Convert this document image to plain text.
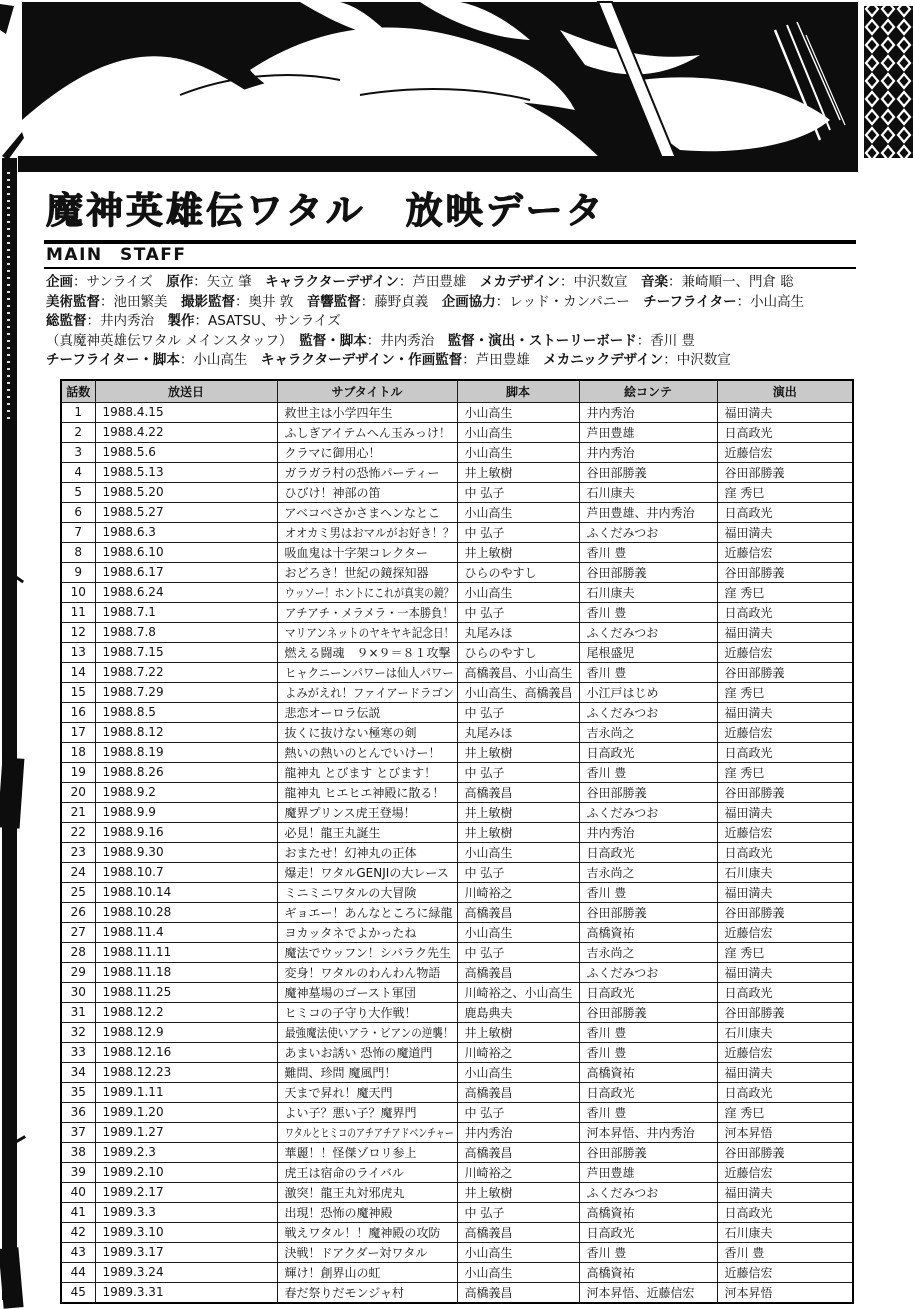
魔神英雄伝ワタル　放映データ
MAIN STAFF
企画：サンライズ　 原作：矢立 肇　 キャラクターデザイン：芦田豊雄　 メカデザイン：中沢数宣　 音楽：兼崎順一、門倉 聡
美術監督：池田繁美　 撮影監督：奥井 敦　 音響監督：藤野貞義　 企画協力：レッド・カンパニー　 チーフライター：小山高生
総監督：井内秀治　 製作：ASATSU、サンライズ
（真魔神英雄伝ワタル メインスタッフ）　 監督・脚本：井内秀治　 監督・演出・ストーリーボード：香川 豊
チーフライター・脚本：小山高生　 キャラクターデザイン・作画監督：芦田豊雄　 メカニックデザイン：中沢数宣
話数	放送日	サブタイトル	脚本	絵コンテ	演出
1	1988.4.15	救世主は小学四年生	小山高生	井内秀治	福田満夫
2	1988.4.22	ふしぎアイテムへん玉みっけ！	小山高生	芦田豊雄	日高政光
3	1988.5.6	クラマに御用心！	小山高生	井内秀治	近藤信宏
4	1988.5.13	ガラガラ村の恐怖パーティー	井上敏樹	谷田部勝義	谷田部勝義
5	1988.5.20	ひびけ！神部の笛	中 弘子	石川康夫	窪 秀巳
6	1988.5.27	アベコベさかさまヘンなとこ	小山高生	芦田豊雄、井内秀治	日高政光
7	1988.6.3	オオカミ男はおマルがお好き！？	中 弘子	ふくだみつお	福田満夫
8	1988.6.10	吸血鬼は十字架コレクター	井上敏樹	香川 豊	近藤信宏
9	1988.6.17	おどろき！世紀の鏡探知器	ひらのやすし	谷田部勝義	谷田部勝義
10	1988.6.24	ウッソー！ホントにこれが真実の鏡？	小山高生	石川康夫	窪 秀巳
11	1988.7.1	アチアチ・メラメラ・一本勝負！	中 弘子	香川 豊	日高政光
12	1988.7.8	マリアンネットのヤキヤキ記念日！	丸尾みほ	ふくだみつお	福田満夫
13	1988.7.15	燃える闘魂　９×９＝８１攻撃	ひらのやすし	尾根盛児	近藤信宏
14	1988.7.22	ヒャクニーンパワーは仙人パワー	高橋義昌、小山高生	香川 豊	谷田部勝義
15	1988.7.29	よみがえれ！ファイアードラゴン	小山高生、高橋義昌	小江戸はじめ	窪 秀巳
16	1988.8.5	悲恋オーロラ伝説	中 弘子	ふくだみつお	福田満夫
17	1988.8.12	抜くに抜けない極寒の剣	丸尾みほ	吉永尚之	近藤信宏
18	1988.8.19	熱いの熱いのとんでいけー！	井上敏樹	日高政光	日高政光
19	1988.8.26	龍神丸 とびます とびます！	中 弘子	香川 豊	窪 秀巳
20	1988.9.2	龍神丸 ヒエヒエ神殿に散る！	高橋義昌	谷田部勝義	谷田部勝義
21	1988.9.9	魔界プリンス虎王登場！	井上敏樹	ふくだみつお	福田満夫
22	1988.9.16	必見！龍王丸誕生	井上敏樹	井内秀治	近藤信宏
23	1988.9.30	おまたせ！幻神丸の正体	小山高生	日高政光	日高政光
24	1988.10.7	爆走！ワタルGENJIの大レース	中 弘子	吉永尚之	石川康夫
25	1988.10.14	ミニミニワタルの大冒険	川崎裕之	香川 豊	福田満夫
26	1988.10.28	ギョエー！あんなところに緑龍	高橋義昌	谷田部勝義	谷田部勝義
27	1988.11.4	ヨカッタネでよかったね	小山高生	高橋資祐	近藤信宏
28	1988.11.11	魔法でウッフン！シバラク先生	中 弘子	吉永尚之	窪 秀巳
29	1988.11.18	変身！ワタルのわんわん物語	高橋義昌	ふくだみつお	福田満夫
30	1988.11.25	魔神墓場のゴースト軍団	川崎裕之、小山高生	日高政光	日高政光
31	1988.12.2	ヒミコの子守り大作戦！	鹿島典夫	谷田部勝義	谷田部勝義
32	1988.12.9	最強魔法使いアラ・ビアンの逆襲！	井上敏樹	香川 豊	石川康夫
33	1988.12.16	あまいお誘い 恐怖の魔道門	川崎裕之	香川 豊	近藤信宏
34	1988.12.23	難問、珍問 魔風門！	小山高生	高橋資祐	福田満夫
35	1989.1.11	天まで昇れ！魔天門	高橋義昌	日高政光	日高政光
36	1989.1.20	よい子？悪い子？魔界門	中 弘子	香川 豊	窪 秀巳
37	1989.1.27	ワタルとヒミコのアチアチアドベンチャー	井内秀治	河本昇悟、井内秀治	河本昇悟
38	1989.2.3	華麗！！怪傑ゾロリ参上	高橋義昌	谷田部勝義	谷田部勝義
39	1989.2.10	虎王は宿命のライバル	川崎裕之	芦田豊雄	近藤信宏
40	1989.2.17	激突！龍王丸対邪虎丸	井上敏樹	ふくだみつお	福田満夫
41	1989.3.3	出現！恐怖の魔神殿	中 弘子	高橋資祐	日高政光
42	1989.3.10	戦えワタル！！魔神殿の攻防	高橋義昌	日高政光	石川康夫
43	1989.3.17	決戦！ドアクダー対ワタル	小山高生	香川 豊	香川 豊
44	1989.3.24	輝け！創界山の虹	小山高生	高橋資祐	近藤信宏
45	1989.3.31	春だ祭りだモンジャ村	高橋義昌	河本昇悟、近藤信宏	河本昇悟
